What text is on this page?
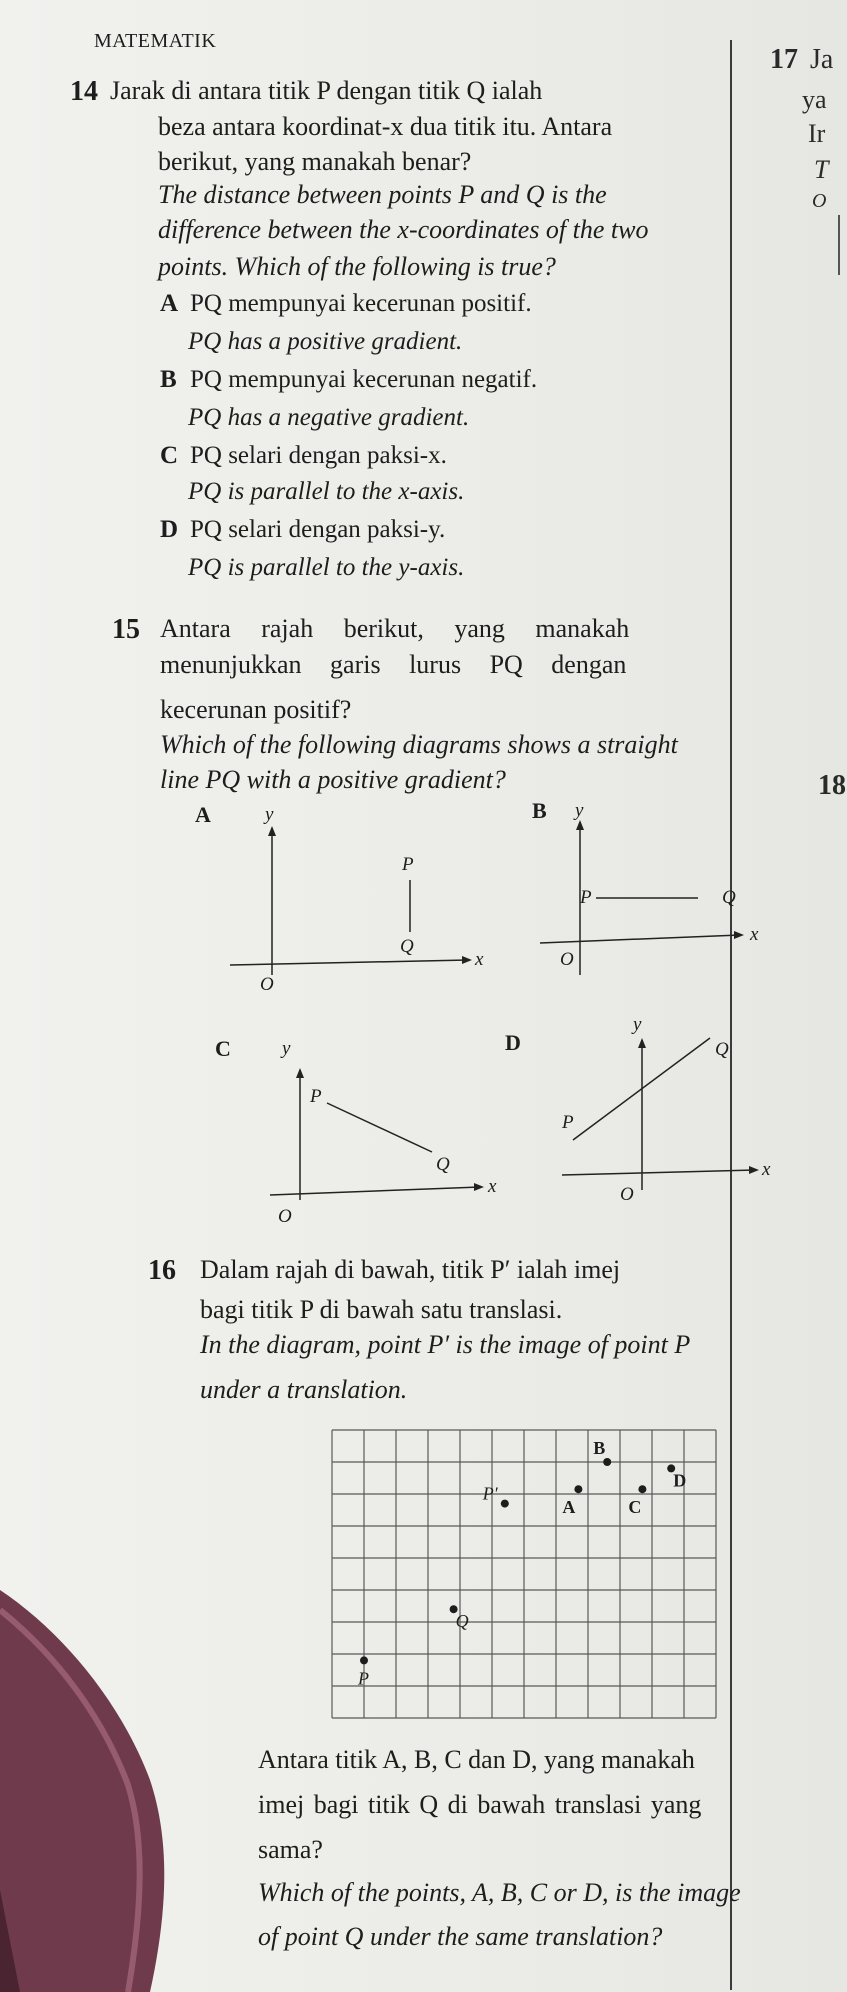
17 Ja
ya
Ir
T
O
18
MATEMATIK
14 Jarak di antara titik P dengan titik Q ialah
beza antara koordinat-x dua titik itu. Antara
berikut, yang manakah benar?
The distance between points P and Q is the
difference between the x-coordinates of the two
points. Which of the following is true?
A PQ mempunyai kecerunan positif.
PQ has a positive gradient.
B PQ mempunyai kecerunan negatif.
PQ has a negative gradient.
C PQ selari dengan paksi-x.
PQ is parallel to the x-axis.
D PQ selari dengan paksi-y.
PQ is parallel to the y-axis.
15 Antara rajah berikut, yang manakah
menunjukkan garis lurus PQ dengan
kecerunan positif?
Which of the following diagrams shows a straight
line PQ with a positive gradient?
A	y
x
O
P
Q
B y
x
O
P	Q
C	y
x
O
P
Q
D
y
x
O
P
Q
16 Dalam rajah di bawah, titik P′ ialah imej
bagi titik P di bawah satu translasi.
In the diagram, point P′ is the image of point P
under a translation.
B
D
P′
A	C
Q
P
Antara titik A, B, C dan D, yang manakah
imej bagi titik Q di bawah translasi yang
sama?
Which of the points, A, B, C or D, is the image
of point Q under the same translation?
